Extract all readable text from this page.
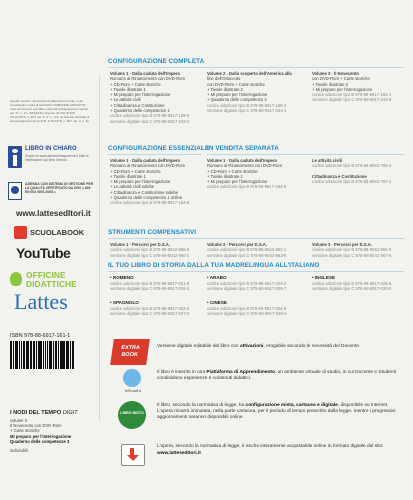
Questo volume, sprovvisto di talloncino a fronte, è da considerarsi copia di SAGGIO-CAMPIONE GRATUITO, fuori commercio (vendita e altri atti di disposizione vietati: art. 17, c. 2 L. 633/1941). Esente da IVA (D.P.R. 26.10.1972, n. 633, art. 2, 3° c., lett. d). Esente da bolla di accompagnamento (D.P.R. 6.10.1978, n. 627, art. 4, n. 6).
LIBRO IN CHIARO
Scopri su www.adozionitrasparenti.it tutte le informazioni sul libro di testo.
AZIENDA CON SISTEMA DI GESTIONE PER LA QUALITÀ CERTIFICATO DA DNV = UNI EN ISO 9001:2008 =
www.lattesedItori.it
SCUOLABOOK
YouTube
OFFICINE
DIDATTICHE
Lattes
CONFIGURAZIONE COMPLETA
Volume 1 · Dalla caduta dell'Impero
Romano al Rinascimento con DVD-Rom
+ CD-Rom + Carte storiche
+ Tavole illustrate 1
+ Mi preparo per l'interrogazione
+ Le attività civili
+ Cittadinanza e Costituzione
+ Quaderno delle competenze 1
codice adozione tipo B 978-88-6917-159-8
versione digitale tipo C 978-88-6917-243-4
Volume 2 · Dalla scoperta dell'America alla
fine dell'Ottocento
con DVD-Rom + Carte storiche
+ Tavole illustrate 2
+ Mi preparo per l'interrogazione
+ Quaderno delle competenze 2
codice adozione tipo B 978-88-6917-160-4
versione digitale tipo C 978-88-6917-244-1
Volume 3 · Il Novecento
con DVD-Rom + Carte storiche
+ Tavole illustrate 3
+ Mi preparo per l'interrogazione
codice adozione tipo B 978-88-6917-161-1
versione digitale tipo C 978-88-6917-245-8
CONFIGURAZIONE ESSENZIALE
IN VENDITA SEPARATA
Volume 1 · Dalla caduta dell'Impero
Romano al Rinascimento con DVD-Rom
+ CD-Rom + Carte storiche
+ Tavole illustrate 1
+ Mi preparo per l'interrogazione
+ Le attività civili solebe
+ Cittadinanza e Costituzione solebe
+ Quaderno delle competenze 1 online
codice adozione tipo B 978-88-6917-162-8
Volume 1 · Dalla caduta dell'Impero
Romano al Rinascimento con DVD-Rom
+ CD-Rom + Carte storiche
+ Tavole illustrate 1
+ Mi preparo per l'interrogazione
codice adozione tipo B 978-88-6917-163-5
Le attività civili
codice adozione tipo B 978-88-8042-796-4

Cittadinanza e Costituzione
codice adozione tipo B 978-88-8042-797-1
STRUMENTI COMPENSATIVI
Volume 1 · Percorsi per D.S.A.
codice adozione tipo B 978-88-8042-858-9
versione digitale tipo C 978-88-8042-860-2
Volume 2 · Percorsi per D.S.A.
codice adozione tipo B 978-88-8042-962-1
versione digitale tipo C 978-88-8042-963-8
Volume 3 · Percorsi per D.S.A.
codice adozione tipo B 978-88-8042-966-9
versione digitale tipo C 978-88-8042-967-6
IL TUO LIBRO DI STORIA DALLA TUA MADRELINGUA ALL'ITALIANO
• ROMENO
codice adozione tipo B 978-88-6917-021-8
versione digitale tipo C 978-88-6917-026-3
• ARABO
codice adozione tipo B 978-88-6917-023-2
versione digitale tipo C 978-88-6917-028-7
• INGLESE
codice adozione tipo B 978-88-6917-025-6
versione digitale tipo C 978-88-6917-030-0
• SPAGNOLO
codice adozione tipo B 978-88-6917-022-5
versione digitale tipo C 978-88-6917-027-0
• CINESE
codice adozione tipo B 978-88-6917-024-9
versione digitale tipo C 978-88-6917-029-4
ISBN 978-88-6917-161-1
I NODI DEL TEMPO DIGIT
volume 3
Il Novecento con DVD-Rom
+ Carte storiche
Mi preparo per l'interrogazione
Quaderno delle competenze 3
indivisibili
EXTRA BOOK
Versione digitale editabile del libro con attivazioni, erogabile secondo le necessità del Docente.
leSmart.it
Il libro è inserito in una Piattaforma di Apprendimento, un ambiente virtuale di studio, in cui Docente e Studenti condividono esperienze e contenuti didattici.
LIBRO MISTO
Il libro, secondo la normativa di legge, ha configurazione mista, cartacea e digitale, disponibile su Internet. L'opera rimarrà immutata, nella parte cartacea, per il periodo di tempo prescritto dalla legge, mentre i progressivi aggiornamenti saranno disponibili online.
L'opera, secondo la normativa di legge, è anche interamente acquistabile online in formato digitale dal sito:
www.lattesedItori.it
